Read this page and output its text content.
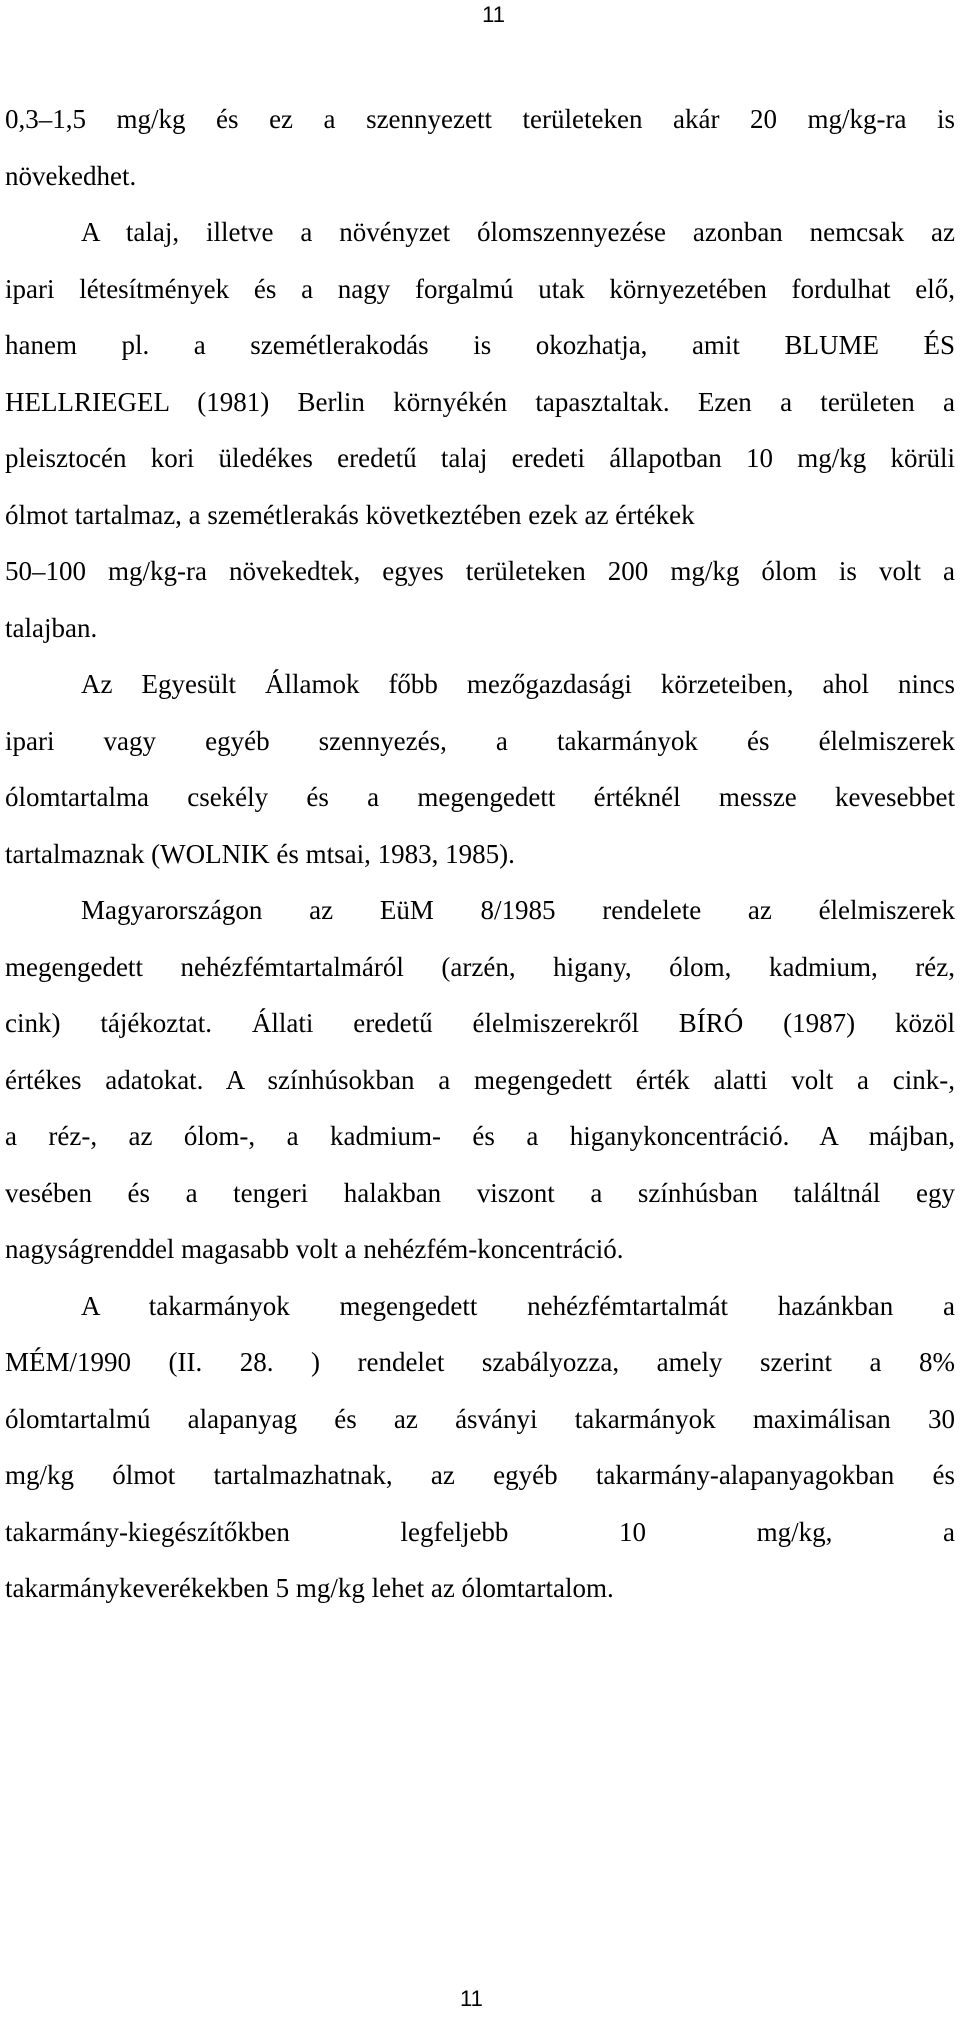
11
0,3–1,5 mg/kg és ez a szennyezett területeken akár 20 mg/kg-ra is
növekedhet.
A talaj, illetve a növényzet ólomszennyezése azonban nemcsak az
ipari létesítmények és a nagy forgalmú utak környezetében fordulhat elő,
hanem pl. a szemétlerakodás is okozhatja, amit BLUME ÉS
HELLRIEGEL (1981) Berlin környékén tapasztaltak. Ezen a területen a
pleisztocén kori üledékes eredetű talaj eredeti állapotban 10 mg/kg körüli
ólmot tartalmaz, a szemétlerakás következtében ezek az értékek
50–100 mg/kg-ra növekedtek, egyes területeken 200 mg/kg ólom is volt a
talajban.
Az Egyesült Államok főbb mezőgazdasági körzeteiben, ahol nincs
ipari vagy egyéb szennyezés, a takarmányok és élelmiszerek
ólomtartalma csekély és a megengedett értéknél messze kevesebbet
tartalmaznak (WOLNIK és mtsai, 1983, 1985).
Magyarországon az EüM 8/1985 rendelete az élelmiszerek
megengedett nehézfémtartalmáról (arzén, higany, ólom, kadmium, réz,
cink) tájékoztat. Állati eredetű élelmiszerekről BÍRÓ (1987) közöl
értékes adatokat. A színhúsokban a megengedett érték alatti volt a cink-,
a réz-, az ólom-, a kadmium- és a higanykoncentráció. A májban,
vesében és a tengeri halakban viszont a színhúsban találtnál egy
nagyságrenddel magasabb volt a nehézfém-koncentráció.
A takarmányok megengedett nehézfémtartalmát hazánkban a
MÉM/1990 (II. 28. ) rendelet szabályozza, amely szerint a 8%
ólomtartalmú alapanyag és az ásványi takarmányok maximálisan 30
mg/kg ólmot tartalmazhatnak, az egyéb takarmány-alapanyagokban és
takarmány-kiegészítőkben legfeljebb 10 mg/kg, a
takarmánykeverékekben 5 mg/kg lehet az ólomtartalom.
11
